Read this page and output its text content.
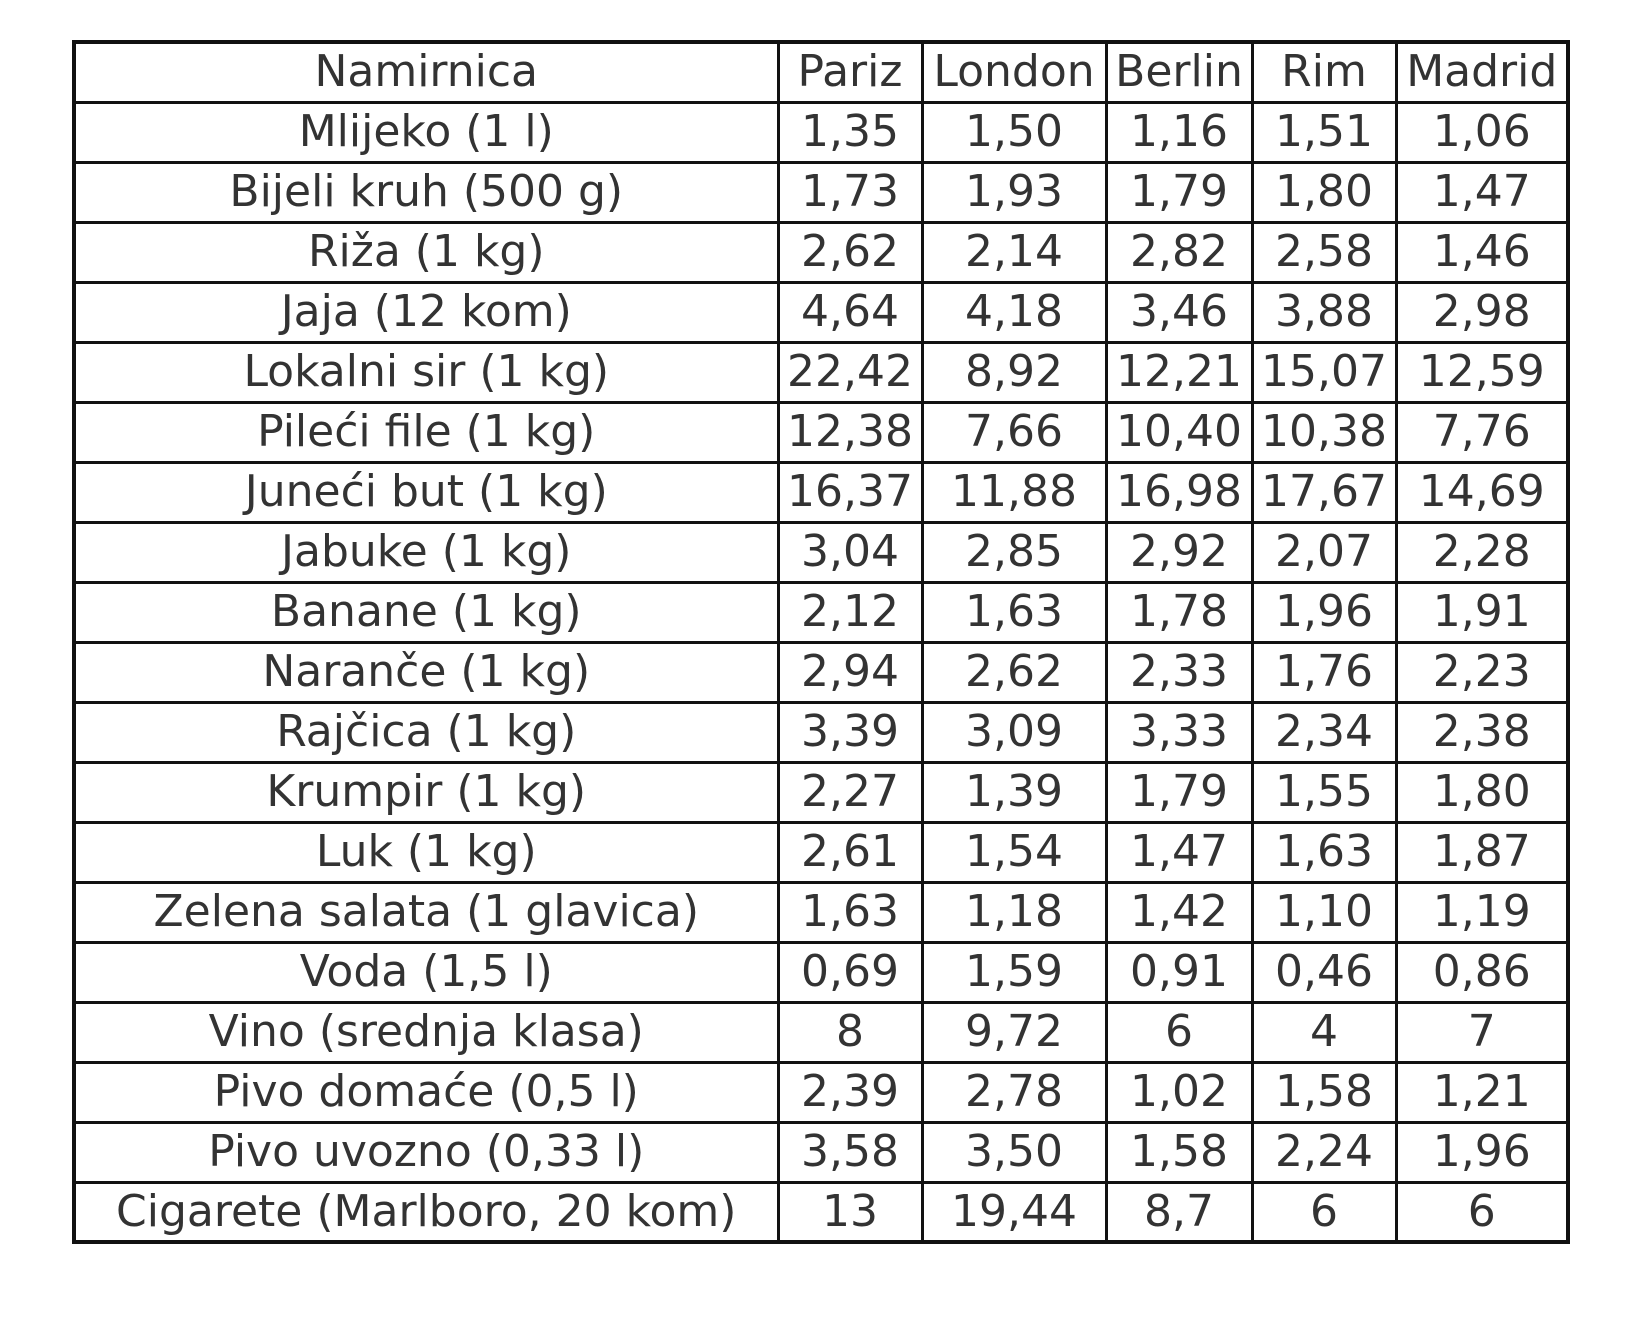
Namirnica	Pariz	London	Berlin	Rim	Madrid
Mlijeko (1 l)	1,35	1,50	1,16	1,51	1,06
Bijeli kruh (500 g)	1,73	1,93	1,79	1,80	1,47
Riža (1 kg)	2,62	2,14	2,82	2,58	1,46
Jaja (12 kom)	4,64	4,18	3,46	3,88	2,98
Lokalni sir (1 kg)	22,42	8,92	12,21	15,07	12,59
Pileći file (1 kg)	12,38	7,66	10,40	10,38	7,76
Juneći but (1 kg)	16,37	11,88	16,98	17,67	14,69
Jabuke (1 kg)	3,04	2,85	2,92	2,07	2,28
Banane (1 kg)	2,12	1,63	1,78	1,96	1,91
Naranče (1 kg)	2,94	2,62	2,33	1,76	2,23
Rajčica (1 kg)	3,39	3,09	3,33	2,34	2,38
Krumpir (1 kg)	2,27	1,39	1,79	1,55	1,80
Luk (1 kg)	2,61	1,54	1,47	1,63	1,87
Zelena salata (1 glavica)	1,63	1,18	1,42	1,10	1,19
Voda (1,5 l)	0,69	1,59	0,91	0,46	0,86
Vino (srednja klasa)	8	9,72	6	4	7
Pivo domaće (0,5 l)	2,39	2,78	1,02	1,58	1,21
Pivo uvozno (0,33 l)	3,58	3,50	1,58	2,24	1,96
Cigarete (Marlboro, 20 kom)	13	19,44	8,7	6	6
